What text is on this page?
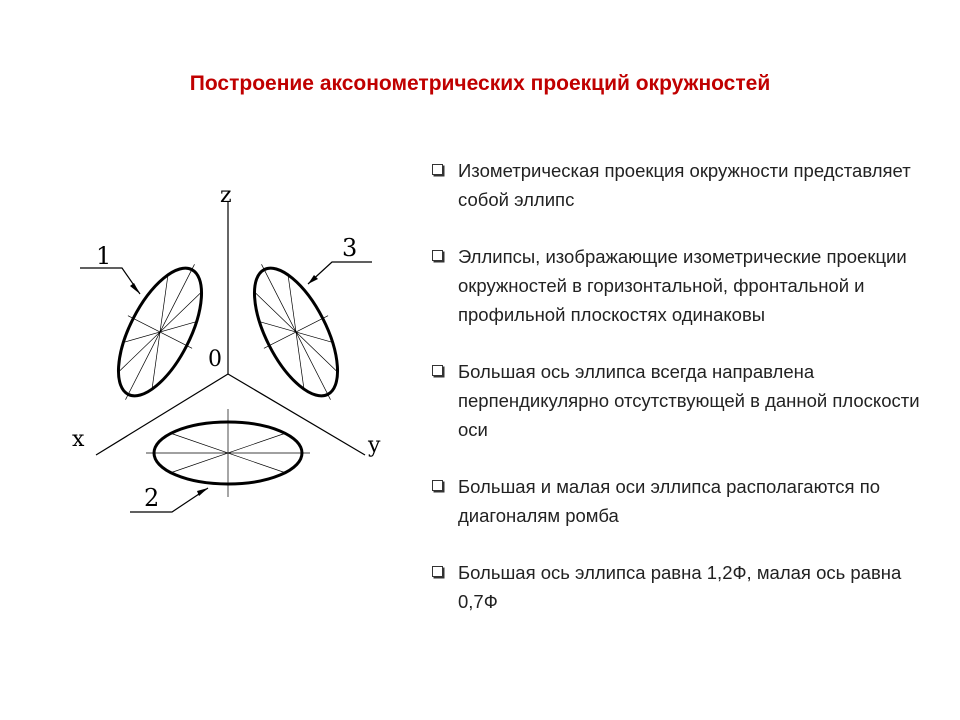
Построение аксонометрических проекций окружностей
z
x	y
0
1	3
2
Изометрическая проекция окружности представляет собой эллипс
Эллипсы, изображающие изометрические проекции окружностей в горизонтальной, фронтальной и профильной плоскостях одинаковы
Большая ось эллипса всегда направлена перпендикулярно отсутствующей в данной плоскости оси
Большая и малая оси эллипса располагаются по диагоналям ромба
Большая ось эллипса равна 1,2Ф, малая ось равна 0,7Ф
